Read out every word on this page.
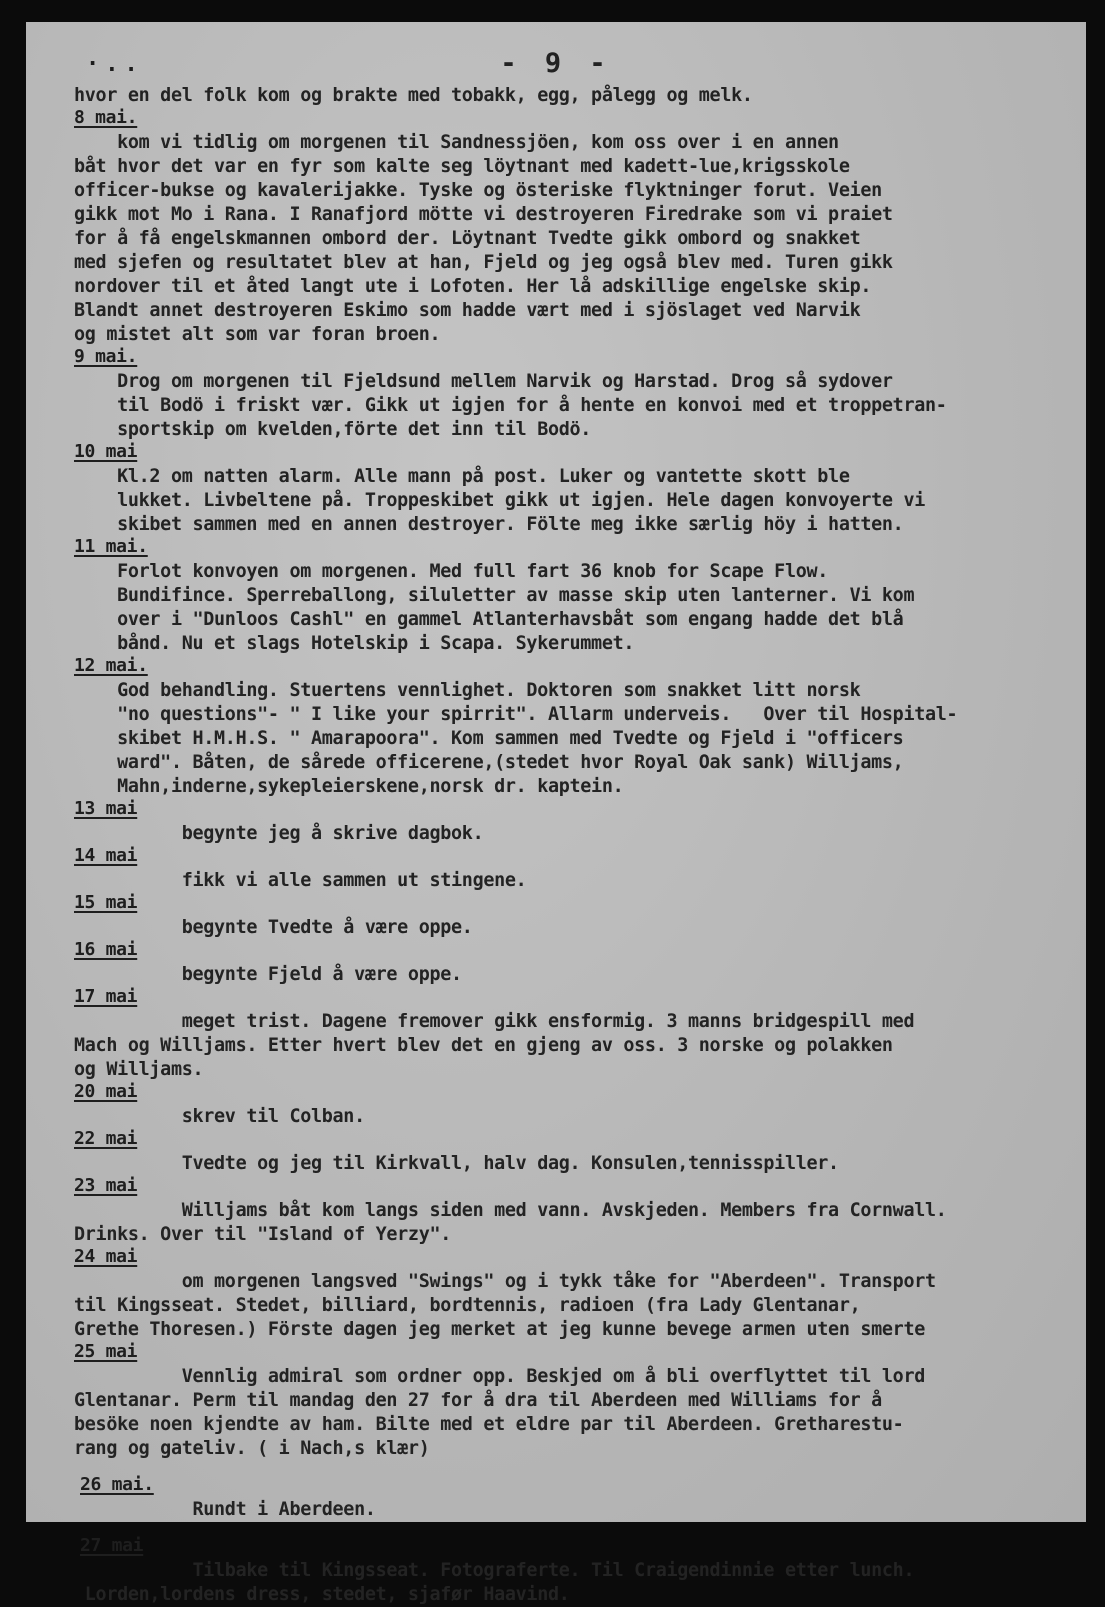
·..	- 9 -
hvor en del folk kom og brakte med tobakk, egg, pålegg og melk.
8 mai.
kom vi tidlig om morgenen til Sandnessjöen, kom oss over i en annen
båt hvor det var en fyr som kalte seg löytnant med kadett-lue,krigsskole
officer-bukse og kavalerijakke. Tyske og österiske flyktninger forut. Veien
gikk mot Mo i Rana. I Ranafjord mötte vi destroyeren Firedrake som vi praiet
for å få engelskmannen ombord der. Löytnant Tvedte gikk ombord og snakket
med sjefen og resultatet blev at han, Fjeld og jeg også blev med. Turen gikk
nordover til et åted langt ute i Lofoten. Her lå adskillige engelske skip.
Blandt annet destroyeren Eskimo som hadde vært med i sjöslaget ved Narvik
og mistet alt som var foran broen.
9 mai.
Drog om morgenen til Fjeldsund mellem Narvik og Harstad. Drog så sydover
til Bodö i friskt vær. Gikk ut igjen for å hente en konvoi med et troppetran-
sportskip om kvelden,förte det inn til Bodö.
10 mai
Kl.2 om natten alarm. Alle mann på post. Luker og vantette skott ble
lukket. Livbeltene på. Troppeskibet gikk ut igjen. Hele dagen konvoyerte vi
skibet sammen med en annen destroyer. Fölte meg ikke særlig höy i hatten.
11 mai.
Forlot konvoyen om morgenen. Med full fart 36 knob for Scape Flow.
Bundifince. Sperreballong, siluletter av masse skip uten lanterner. Vi kom
over i "Dunloos Cashl" en gammel Atlanterhavsbåt som engang hadde det blå
bånd. Nu et slags Hotelskip i Scapa. Sykerummet.
12 mai.
God behandling. Stuertens vennlighet. Doktoren som snakket litt norsk
"no questions"- " I like your spirrit". Allarm underveis.   Over til Hospital-
skibet H.M.H.S. " Amarapoora". Kom sammen med Tvedte og Fjeld i "officers
ward". Båten, de sårede officerene,(stedet hvor Royal Oak sank) Willjams,
Mahn,inderne,sykepleierskene,norsk dr. kaptein.
13 mai
begynte jeg å skrive dagbok.
14 mai
fikk vi alle sammen ut stingene.
15 mai
begynte Tvedte å være oppe.
16 mai
begynte Fjeld å være oppe.
17 mai
meget trist. Dagene fremover gikk ensformig. 3 manns bridgespill med
Mach og Willjams. Etter hvert blev det en gjeng av oss. 3 norske og polakken
og Willjams.
20 mai
skrev til Colban.
22 mai
Tvedte og jeg til Kirkvall, halv dag. Konsulen,tennisspiller.
23 mai
Willjams båt kom langs siden med vann. Avskjeden. Members fra Cornwall.
Drinks. Over til "Island of Yerzy".
24 mai
om morgenen langsved "Swings" og i tykk tåke for "Aberdeen". Transport
til Kingsseat. Stedet, billiard, bordtennis, radioen (fra Lady Glentanar,
Grethe Thoresen.) Förste dagen jeg merket at jeg kunne bevege armen uten smerte
25 mai
Vennlig admiral som ordner opp. Beskjed om å bli overflyttet til lord
Glentanar. Perm til mandag den 27 for å dra til Aberdeen med Williams for å
besöke noen kjendte av ham. Bilte med et eldre par til Aberdeen. Gretharestu-
rang og gateliv. ( i Nach,s klær)
26 mai.
Rundt i Aberdeen.
27 mai
Tilbake til Kingsseat. Fotograferte. Til Craigendinnie etter lunch.
Lorden,lordens dress, stedet, sjafør Haavind.
